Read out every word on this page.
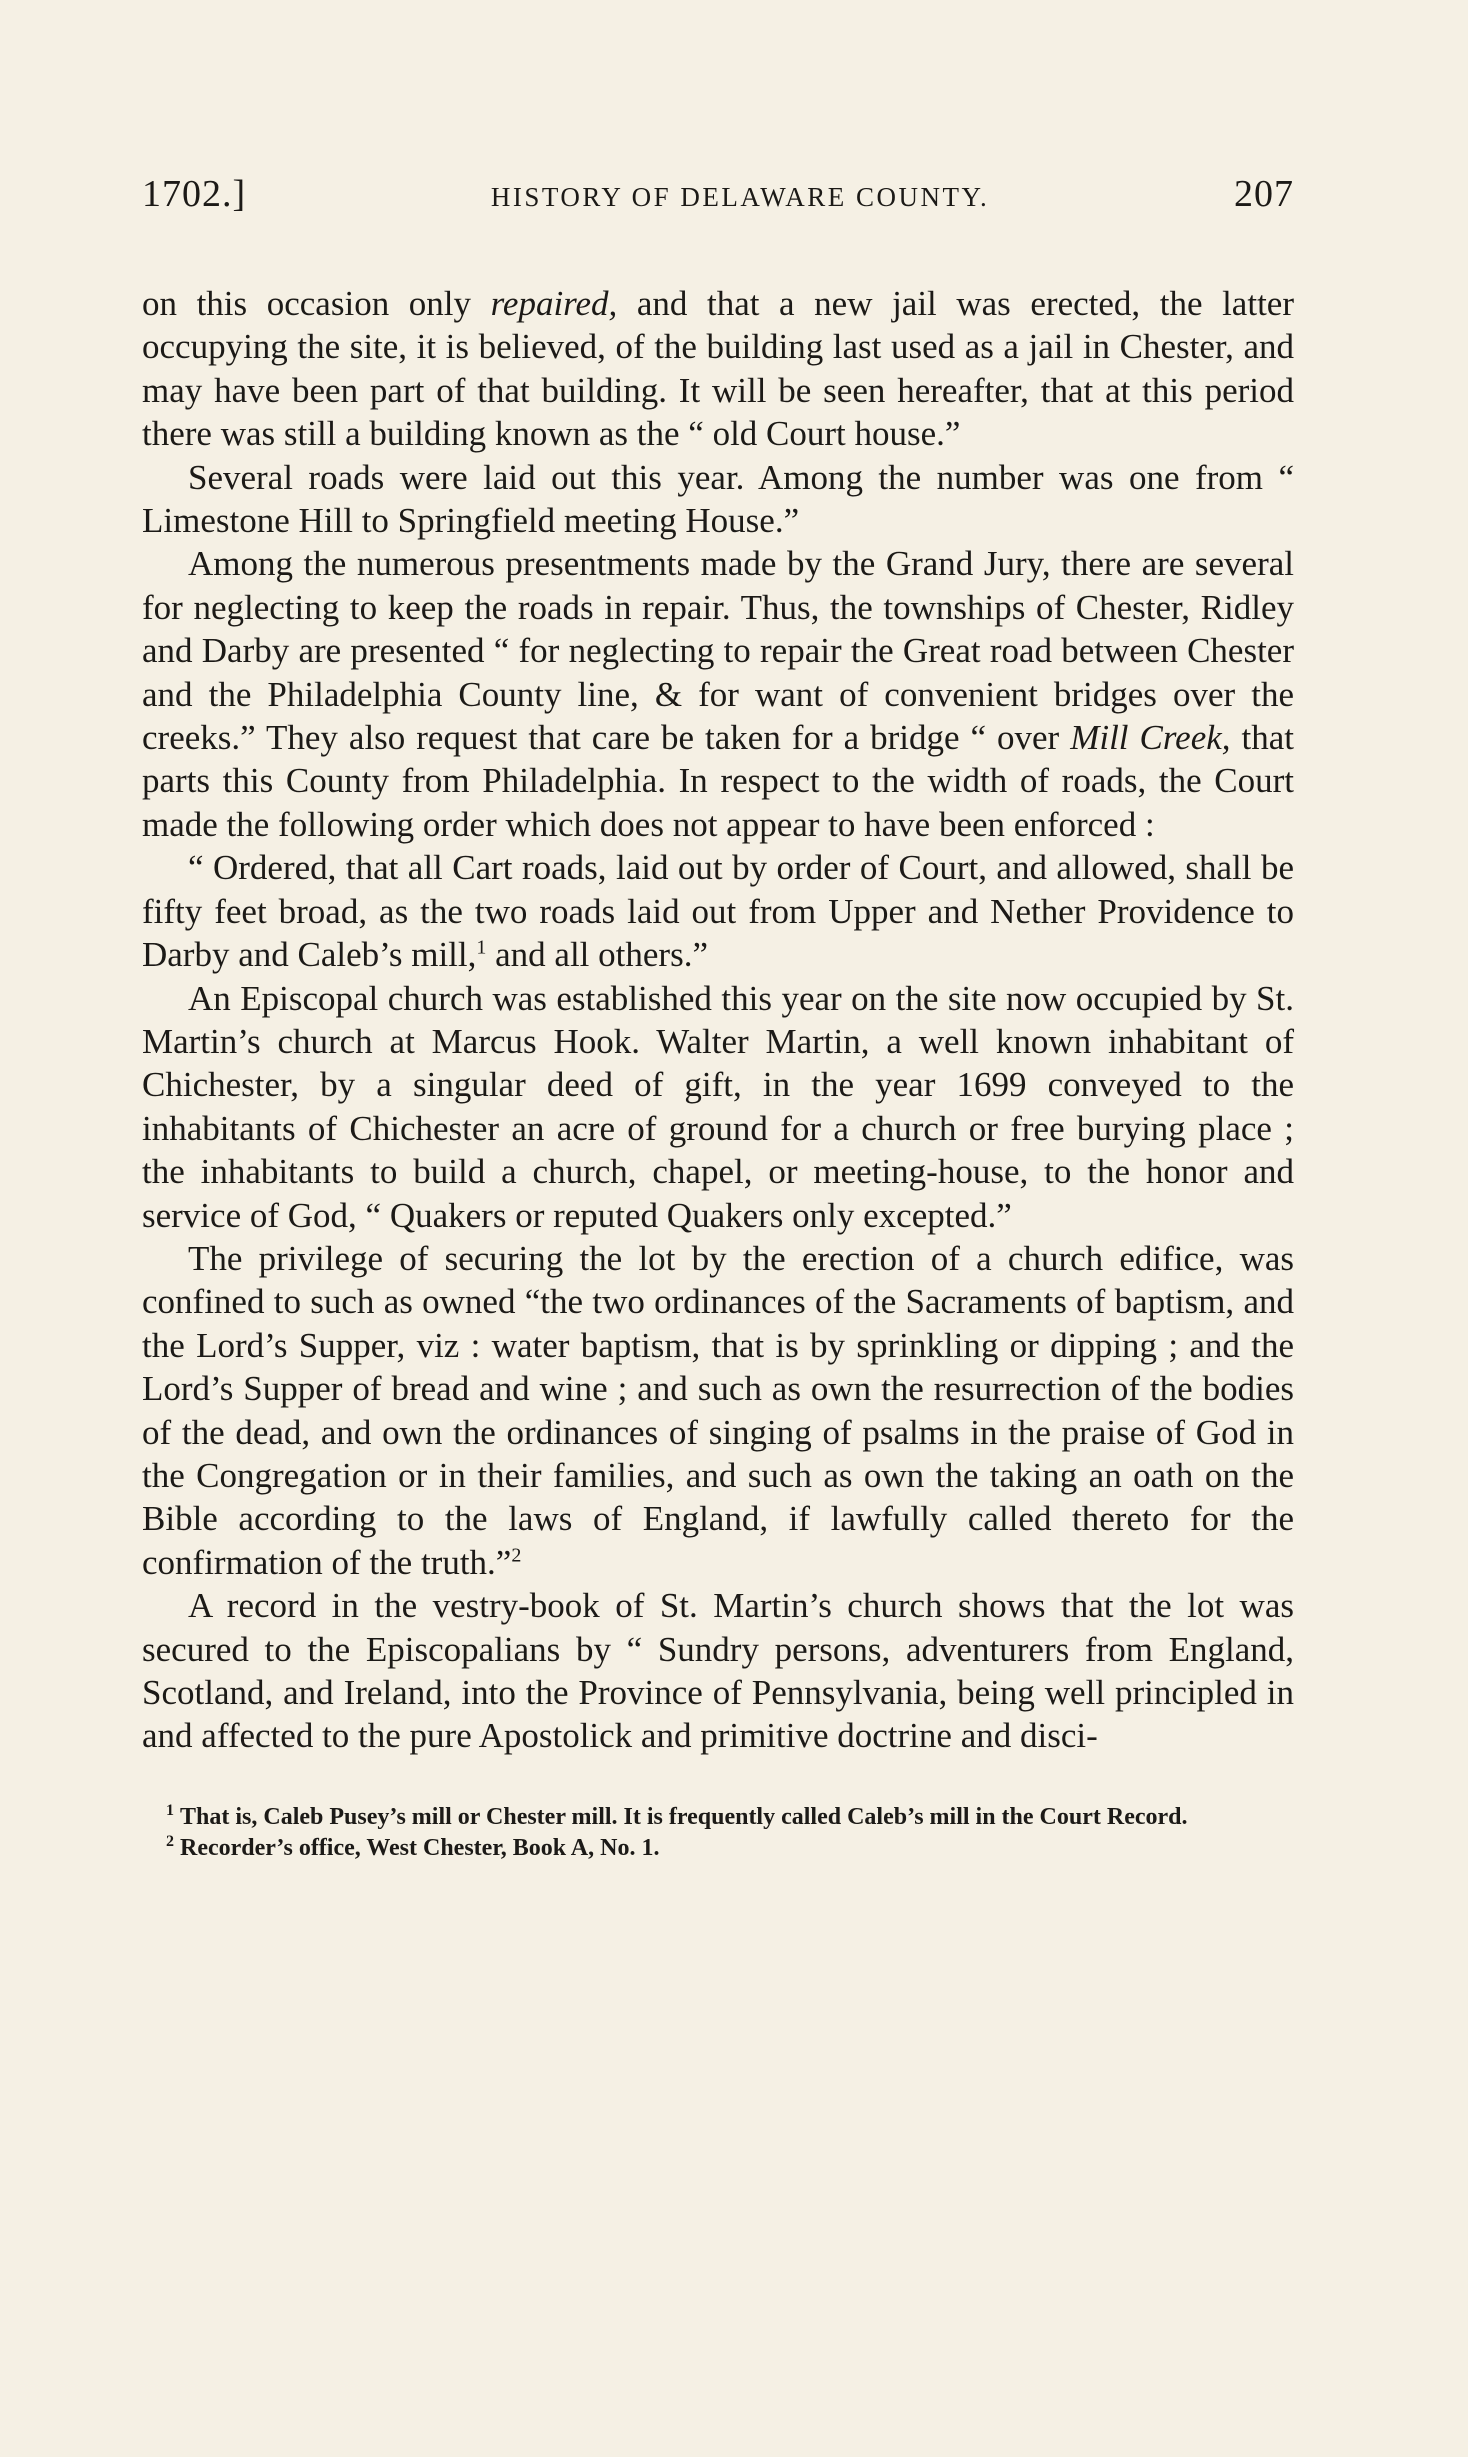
1702.]	HISTORY OF DELAWARE COUNTY.	207

on this occasion only repaired, and that a new jail was erected, the latter occupying the site, it is believed, of the building last used as a jail in Chester, and may have been part of that building. It will be seen hereafter, that at this period there was still a building known as the “ old Court house.”

Several roads were laid out this year. Among the number was one from “ Limestone Hill to Springfield meeting House.”

Among the numerous presentments made by the Grand Jury, there are several for neglecting to keep the roads in repair. Thus, the townships of Chester, Ridley and Darby are presented “ for neglecting to repair the Great road between Chester and the Philadelphia County line, & for want of convenient bridges over the creeks.” They also request that care be taken for a bridge “ over Mill Creek, that parts this County from Philadelphia. In respect to the width of roads, the Court made the following order which does not appear to have been enforced :

“ Ordered, that all Cart roads, laid out by order of Court, and allowed, shall be fifty feet broad, as the two roads laid out from Upper and Nether Providence to Darby and Caleb’s mill,$^1$ and all others.”

An Episcopal church was established this year on the site now occupied by St. Martin’s church at Marcus Hook. Walter Martin, a well known inhabitant of Chichester, by a singular deed of gift, in the year 1699 conveyed to the inhabitants of Chichester an acre of ground for a church or free burying place ; the inhabitants to build a church, chapel, or meeting-house, to the honor and service of God, “ Quakers or reputed Quakers only excepted.”

The privilege of securing the lot by the erection of a church edifice, was confined to such as owned “the two ordinances of the Sacraments of baptism, and the Lord’s Supper, viz : water baptism, that is by sprinkling or dipping ; and the Lord’s Supper of bread and wine ; and such as own the resurrection of the bodies of the dead, and own the ordinances of singing of psalms in the praise of God in the Congregation or in their families, and such as own the taking an oath on the Bible according to the laws of England, if lawfully called thereto for the confirmation of the truth.”$^2$

A record in the vestry-book of St. Martin’s church shows that the lot was secured to the Episcopalians by “ Sundry persons, adventurers from England, Scotland, and Ireland, into the Province of Pennsylvania, being well principled in and affected to the pure Apostolick and primitive doctrine and disci-

$^1$ That is, Caleb Pusey’s mill or Chester mill. It is frequently called Caleb’s mill in the Court Record.

$^2$ Recorder’s office, West Chester, Book A, No. 1.
